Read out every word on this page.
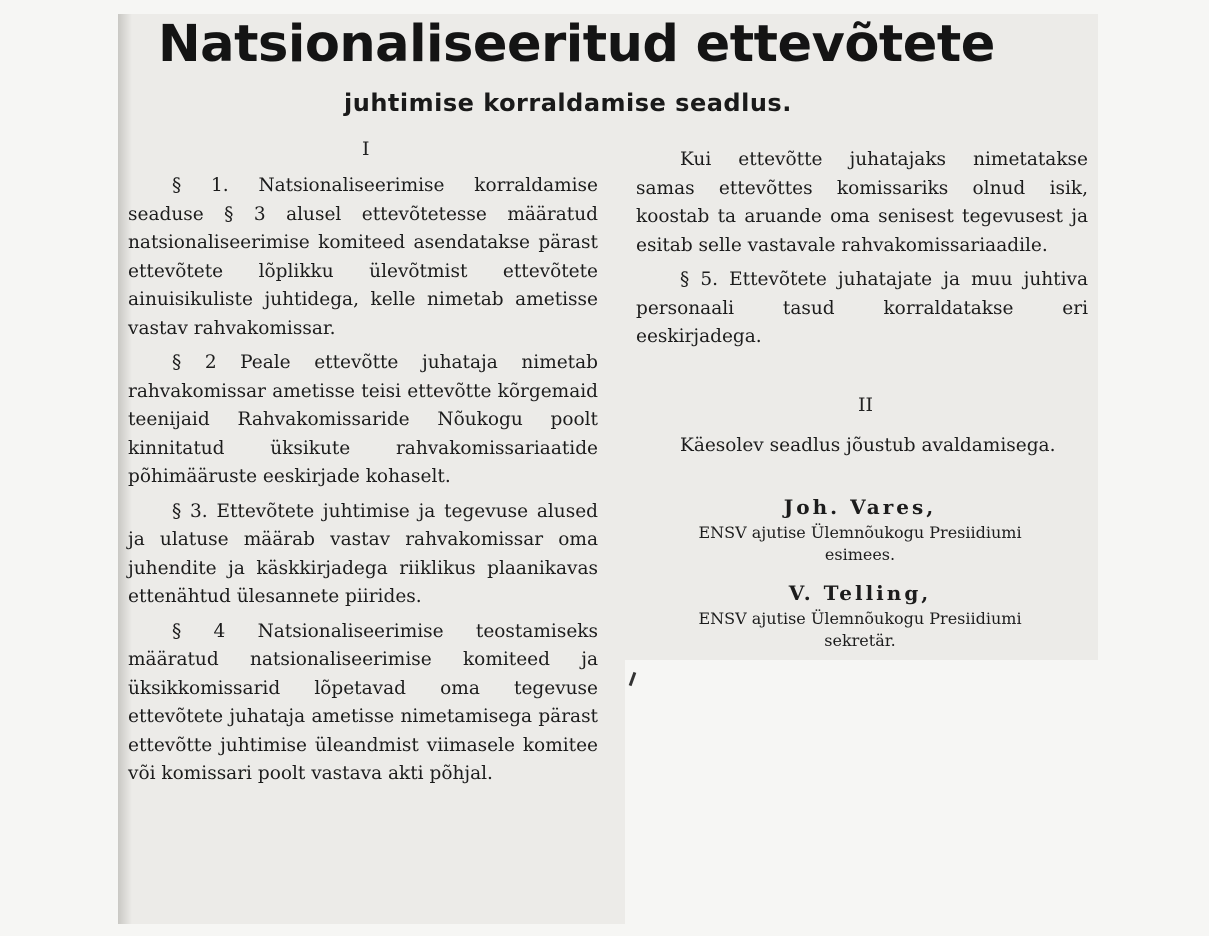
Natsionaliseeritud ettevõtete
juhtimise korraldamise seadlus.
I

§ 1. Natsionaliseerimise korraldamise seaduse § 3 alusel ettevõtetesse määratud natsionaliseerimise komiteed asendatakse pärast ettevõtete lõplikku ülevõtmist ettevõtete ainuisikuliste juhtidega, kelle nimetab ametisse vastav rahvakomissar.

§ 2 Peale ettevõtte juhataja nimetab rahvakomissar ametisse teisi ettevõtte kõrgemaid teenijaid Rahvakomissaride Nõukogu poolt kinnitatud üksikute rahvakomissariaatide põhimääruste eeskirjade kohaselt.

§ 3. Ettevõtete juhtimise ja tegevuse alused ja ulatuse määrab vastav rahvakomissar oma juhendite ja käskkirjadega riiklikus plaanikavas ettenähtud ülesannete piirides.

§ 4 Natsionaliseerimise teostamiseks määratud natsionaliseerimise komiteed ja üksikkomissarid lõpetavad oma tegevuse ettevõtete juhataja ametisse nimetamisega pärast ettevõtte juhtimise üleandmist viimasele komitee või komissari poolt vastava akti põhjal.

Kui ettevõtte juhatajaks nimetatakse samas ettevõttes komissariks olnud isik, koostab ta aruande oma senisest tegevusest ja esitab selle vastavale rahvakomissariaadile.

§ 5. Ettevõtete juhatajate ja muu juhtiva personaali tasud korraldatakse eri eeskirjadega.

II

Käesolev seadlus jõustub avaldamisega.

Joh. Vares,
ENSV ajutise Ülemnõukogu Presiidiumi
esimees.
V. Telling,
ENSV ajutise Ülemnõukogu Presiidiumi
sekretär.
